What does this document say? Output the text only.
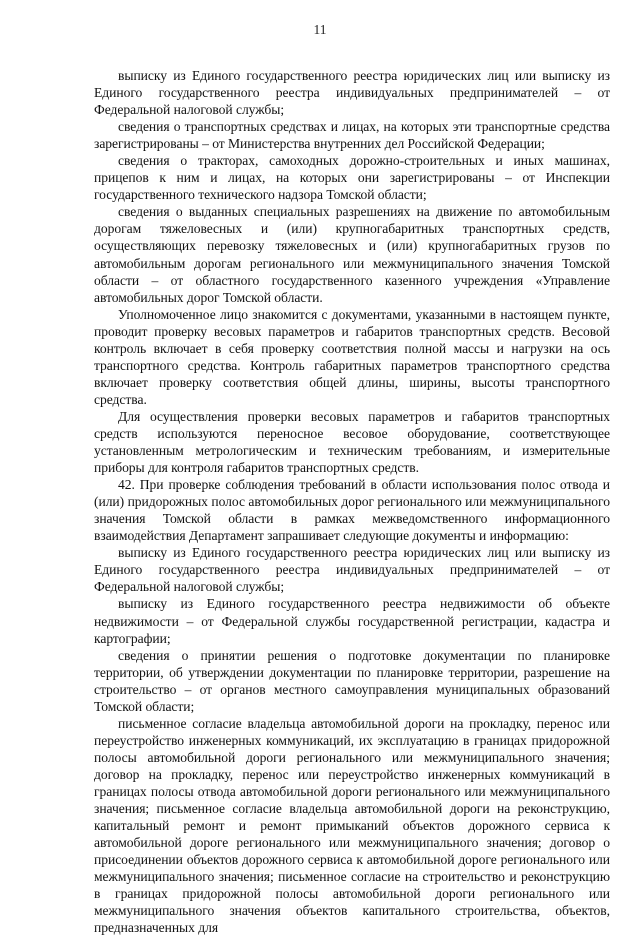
11

выписку из Единого государственного реестра юридических лиц или выписку из Единого государственного реестра индивидуальных предпринимателей – от Федеральной налоговой службы;

сведения о транспортных средствах и лицах, на которых эти транспортные средства зарегистрированы – от Министерства внутренних дел Российской Федерации;

сведения о тракторах, самоходных дорожно-строительных и иных машинах, прицепов к ним и лицах, на которых они зарегистрированы – от Инспекции государственного технического надзора Томской области;

сведения о выданных специальных разрешениях на движение по автомобильным дорогам тяжеловесных и (или) крупногабаритных транспортных средств, осуществляющих перевозку тяжеловесных и (или) крупногабаритных грузов по автомобильным дорогам регионального или межмуниципального значения Томской области – от областного государственного казенного учреждения «Управление автомобильных дорог Томской области.

Уполномоченное лицо знакомится с документами, указанными в настоящем пункте, проводит проверку весовых параметров и габаритов транспортных средств. Весовой контроль включает в себя проверку соответствия полной массы и нагрузки на ось транспортного средства. Контроль габаритных параметров транспортного средства включает проверку соответствия общей длины, ширины, высоты транспортного средства.

Для осуществления проверки весовых параметров и габаритов транспортных средств используются переносное весовое оборудование, соответствующее установленным метрологическим и техническим требованиям, и измерительные приборы для контроля габаритов транспортных средств.

42. При проверке соблюдения требований в области использования полос отвода и (или) придорожных полос автомобильных дорог регионального или межмуниципального значения Томской области в рамках межведомственного информационного взаимодействия Департамент запрашивает следующие документы и информацию:

выписку из Единого государственного реестра юридических лиц или выписку из Единого государственного реестра индивидуальных предпринимателей – от Федеральной налоговой службы;

выписку из Единого государственного реестра недвижимости об объекте недвижимости – от Федеральной службы государственной регистрации, кадастра и картографии;

сведения о принятии решения о подготовке документации по планировке территории, об утверждении документации по планировке территории, разрешение на строительство – от органов местного самоуправления муниципальных образований Томской области;

письменное согласие владельца автомобильной дороги на прокладку, перенос или переустройство инженерных коммуникаций, их эксплуатацию в границах придорожной полосы автомобильной дороги регионального или межмуниципального значения; договор на прокладку, перенос или переустройство инженерных коммуникаций в границах полосы отвода автомобильной дороги регионального или межмуниципального значения; письменное согласие владельца автомобильной дороги на реконструкцию, капитальный ремонт и ремонт примыканий объектов дорожного сервиса к автомобильной дороге регионального или межмуниципального значения; договор о присоединении объектов дорожного сервиса к автомобильной дороге регионального или межмуниципального значения; письменное согласие на строительство и реконструкцию в границах придорожной полосы автомобильной дороги регионального или межмуниципального значения объектов капитального строительства, объектов, предназначенных для
